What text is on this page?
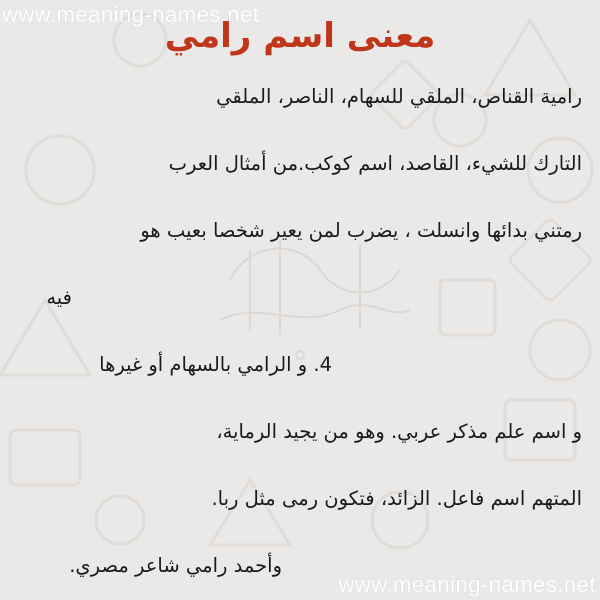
www.meaning-names.net
معنى اسم رامي
رامية القناص، الملقي للسهام، الناصر، الملقي
التارك للشيء، القاصد، اسم كوكب.من أمثال العرب
رمتني بدائها وانسلت ، يضرب لمن يعير شخصا بعيب هو
فيه
4. و الرامي بالسهام أو غيرها
و اسم علم مذكر عربي. وهو من يجيد الرماية،
المتهم اسم فاعل. الزائد، فتكون رمى مثل ربا.
وأحمد رامي شاعر مصري.
www.meaning-names.net
